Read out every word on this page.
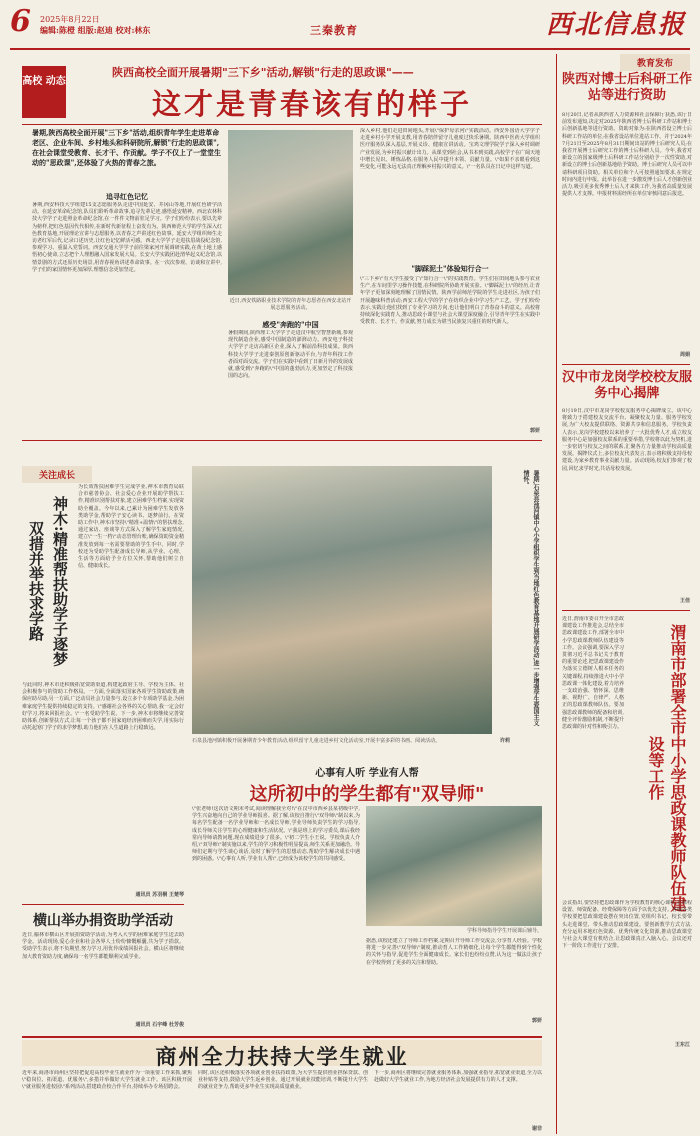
6 2025年8月22日
编辑:陈橙 组版:赵迪 校对:林东	三秦教育	西北信息报
高校 动态
陕西高校全面开展暑期"三下乡"活动,解锁"行走的思政课"——
这才是青春该有的样子
暑期,陕西高校全面开展"三下乡"活动,组织青年学生走进革命老区、企业车间、乡村地头和科研院所,解锁"行走的思政课",在社会课堂受教育、长才干、作贡献。学子不仅上了一堂堂生动的"思政课",还体验了火热的青春之旅。
追寻红色记忆
暑期,西安科技大学组建15支志愿服务队走进中国延安、井冈山等地,开展红色研学活动。在延安革命纪念馆,队员们聆听革命故事,追寻先辈足迹,感悟延安精神。西北农林科技大学学子走进照金革命纪念馆,在一件件文物前驻足学习。学子们纷纷表示,要以先辈为榜样,把红色基因代代相传,在新时代新征程上奋发有为。陕西师范大学的学生深入红色教育基地,开展理论宣讲与志愿服务,以青春之声讲述红色故事。延安大学组织师生走访老红军后代,记录口述历史,让红色记忆鲜活可感。西北大学学子走进扶眉战役纪念馆,参观学习、重温入党誓词。西安交通大学学子前往梁家河开展调研实践,在黄土地上感悟初心使命,立志把个人理想融入国家发展大局。长安大学实践团赴渭华起义纪念馆,以情景剧的方式还原历史场景,用青春视角讲述革命故事。在一次次参观、访谈和宣讲中,学子们的家国情怀更加深厚,理想信念更加坚定。
近日,西安铁路职业技术学院的青年志愿者在西安北站开展志愿服务活动。
感受"奔跑的"中国
暑假期间,陕西理工大学学子走进汉中航空智慧新城,参观现代制造企业,感受中国制造的澎湃动力。西安电子科技大学学子走访高新区企业,深入了解前沿科技成果。陕西科技大学学子走进秦创原创新驱动平台,与青年科技工作者面对面交流。学子们在实践中看到了日新月异的发展成就,感受到\"奔跑的\"中国的蓬勃活力,更加坚定了科技报国的志向。
深入乡村,他们走进田间地头,开展\"保护母亲河\"实践活动。西安外国语大学学子走进乡村小学开展支教,用青春陪伴留守儿童度过快乐暑期。陕西中医药大学组织医疗服务队深入基层,开展义诊、健康宣讲活动。宝鸡文理学院学子深入乡村调研产业发展,为乡村振兴献计出力。从课堂到社会,从书本到实践,高校学子在广阔天地中增长见识、锤炼品格,在服务人民中提升本领、贡献力量。\"如果不亲眼看到这些变化,可能永远无法真正理解乡村振兴的意义。\"一名队员在日记中这样写道。
"脚踩泥土"体验知行合一
\"三下乡\"有大学生接受了\"知行合一\"的实践教育。学生们在田间地头参与农业生产,在车间里学习操作技能,在科研院所协助开展实验。\"脚踩泥土\"的经历,让青年学子更加深刻地理解了国情民情。陕西学前师范学院的学生走进社区,为孩子们开展趣味科普活动;西安工程大学的学子在纺织企业中学习生产工艺。学子们纷纷表示,实践让他们找到了专业学习的方向,也让他们明白了青春奋斗的意义。高校将持续深化实践育人,推动思政小课堂与社会大课堂深度融合,引导青年学生在实践中受教育、长才干、作贡献,努力成长为堪当民族复兴重任的时代新人。
郭妍
教育发布
陕西对博士后科研工作站等进行资助
8月20日,记者从陕西省人力资源和社会保障厅获悉,该厅日前发布通知,决定对2025年陕西省博士后科研工作站和博士后创新基地等进行资助。资助对象为:在陕西省设立博士后科研工作站的单位;在我省设站单位进站工作、并于2024年7月21日至2025年8月31日期间出站的博士后研究人员;在我省开展博士后研究工作的博士后科研人员。今年,我省对新设立的国家级博士后科研工作站分别给予一次性资助,对新设立的博士后创新基地给予资助。博士后研究人员可以申请科研项目资助。相关单位和个人可按照通知要求,在规定时间内进行申报。此举旨在进一步激发博士后人才创新创业活力,吸引更多优秀博士后人才来陕工作,为我省高质量发展提供人才支撑。申报材料需经所在单位审核同意后报送。
周娟
汉中市龙岗学校校友服务中心揭牌
8月19日,汉中市龙岗学校校友服务中心揭牌成立。该中心将致力于搭建校友交流平台、凝聚校友力量、服务学校发展,为广大校友提供联络、资源共享和信息服务。学校负责人表示,龙岗学校建校以来培养了一大批优秀人才,成立校友服务中心是加强校友联系的重要举措,学校将以此为契机,进一步密切与校友之间的联系,汇聚各方力量推动学校高质量发展。揭牌仪式上,多位校友代表发言,表示将积极支持母校建设,为家乡教育事业贡献力量。活动现场,校友们参观了校园,回忆求学时光,共话母校发展。
王佳
近日,渭南市委召开全市思政课建设工作推进会,总结全市思政课建设工作,部署全市中小学思政课教师队伍建设等工作。会议强调,要深入学习贯彻习近平总书记关于教育的重要论述,把思政课建设作为落实立德树人根本任务的关键课程,持续推进大中小学思政课一体化建设,着力培养一支政治强、情怀深、思维新、视野广、自律严、人格正的思政课教师队伍。要加强思政课教师的配备和培训,健全评价激励机制,不断提升思政课的针对性和吸引力。	渭南市部署全市中小学思政课教师队伍建设等工作
会议指出,要坚持把思政课作为学校教育的核心课程,在课程设置、师资配备、经费保障等方面予以优先支持。各级各类学校要把思政课建设摆在突出位置,党组织书记、校长要带头走进课堂、带头推动思政课建设。要创新教学方式方法,充分运用本地红色资源、优秀传统文化资源,推动思政课堂与社会大课堂有机结合,让思政课真正入脑入心。会议还对下一阶段工作进行了安排。
王东江
关注成长
神木:精准帮扶助学子逐梦
双措并举扶求学路
为长效帮扶困难学生完成学业,神木市教育局联合市慈善协会、社会爱心企业开展助学帮扶工作,精准识别帮扶对象,建立困难学生档案,实现资助全覆盖。今年以来,已累计为困难学生发放各类助学金,帮助学子安心读书、逐梦前行。在资助工作中,神木市坚持\"精准+温情\"的帮扶理念,通过家访、座谈等方式深入了解学生家庭情况,建立\"一生一档\"动态管理台账,确保资助资金精准发放到每一名需要帮助的学生手中。同时,学校还为受助学生配备成长导师,从学业、心理、生活等方面给予全方位关怀,帮助他们树立自信、健康成长。
与此同时,神木市还积极拓宽资助渠道,构建起政府主导、学校为主体、社会积极参与的资助工作格局。一方面,全面落实国家各项学生资助政策,确保应助尽助;另一方面,广泛动员社会力量参与,设立多个专项助学基金,为困难家庭学生提供持续稳定的支持。\"感谢社会各界的关心帮助,我一定会好好学习,将来回报社会。\"一名受助学生说。下一步,神木市将继续完善资助体系,创新帮扶方式,让每一个孩子都不因家庭经济困难而失学,用实际行动托起寒门学子的求学梦想,助力他们在人生道路上行稳致远。
通讯员 苏羽桐 王楚琴
暑期,石泉县池河镇中心小学组织学生到当地红色教育基地开展研学活动,进一步增强学生爱国主义情怀。
石泉县池河镇积极开展暑期青少年教育活动,组织留守儿童走进乡村文化活动室,开展丰富多彩的书画、阅读活动。	许莉
心事有人听 学业有人帮
这所初中的学生都有"双导师"
\"张老师!这次语文期末考试,阅读理解我全对!\"在汉中市西乡县某初级中学,学生兴奋地向自己的学业导师报喜。据了解,该校自推行\"双导师\"制以来,为每名学生配备一名学业导师和一名成长导师,学业导师负责学生的学习指导,成长导师关注学生的心理健康和生活状况。\"我是班上的学习委员,课后我经常向导师请教问题,现在成绩进步了很多。\"初二学生小王说。学校负责人介绍,\"双导师\"制实施以来,学生的学习积极性明显提高,师生关系更加融洽。导师们定期与学生谈心谈话,及时了解学生的思想动态,帮助学生解决成长中遇到的困惑。\"心事有人听,学业有人帮\",已经成为该校学生的共同感受。
学科导师指导学生开展课后辅导。
据悉,该校还建立了导师工作档案,定期召开导师工作交流会,分享育人经验。学校将进一步完善\"双导师\"制度,推动育人工作精细化,让每个学生都能得到个性化的关怀与指导,促进学生全面健康成长。家长们也纷纷点赞,认为这一做法让孩子在学校得到了更多的关注和帮助。
郭妍
横山举办捐资助学活动
近日,榆林市横山区开展捐资助学活动,为考入大学的困难家庭学生送去助学金。活动现场,爱心企业和社会各界人士纷纷慷慨解囊,共为学子捐款。受助学生表示,将不负期望,努力学习,用优异成绩回报社会。横山区将继续加大教育资助力度,确保每一名学生都能顺利完成学业。
通讯员 石宇峰 杜芳俊
商州全力扶持大学生就业
近年来,商洛市商州区坚持把促进高校毕业生就业作为一项重要工作来抓,聚焦\"稳岗位、拓渠道、优服务\",多措并举做好大学生就业工作。该区积极开展\"就业服务进校园\"系列活动,搭建政企校合作平台,持续举办专场招聘会。
同时,该区还积极落实各项就业创业扶持政策,为大学生提供创业担保贷款、创业补贴等支持,鼓励大学生返乡创业。通过开展就业技能培训,不断提升大学生的就业竞争力,帮助更多毕业生实现高质量就业。
下一步,商州区将继续完善就业服务体系,加强就业指导,拓宽就业渠道,全力以赴做好大学生就业工作,为地方经济社会发展提供有力的人才支撑。
谢非
